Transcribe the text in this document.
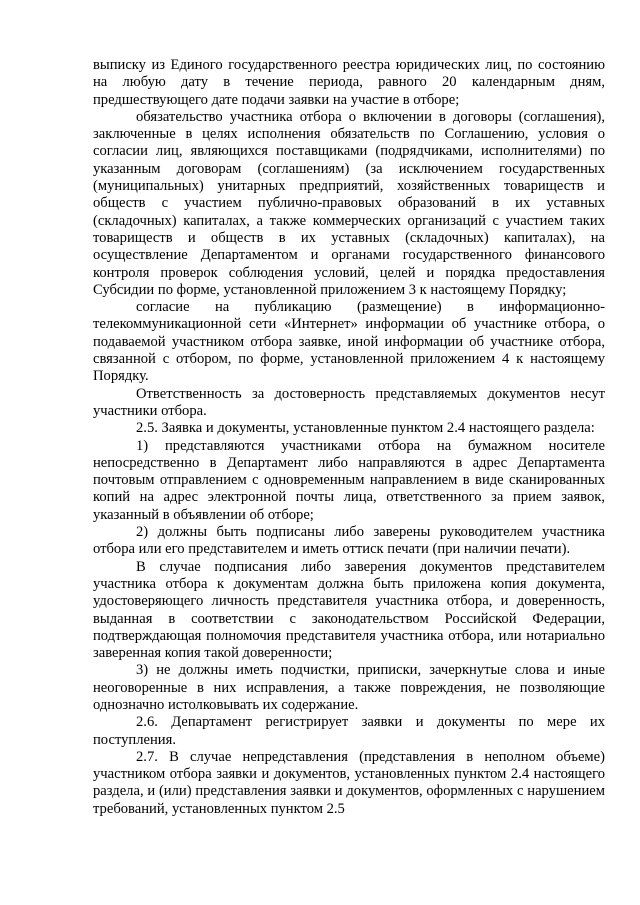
выписку из Единого государственного реестра юридических лиц, по состоянию на любую дату в течение периода, равного 20 календарным дням, предшествующего дате подачи заявки на участие в отборе;

обязательство участника отбора о включении в договоры (соглашения), заключенные в целях исполнения обязательств по Соглашению, условия о согласии лиц, являющихся поставщиками (подрядчиками, исполнителями) по указанным договорам (соглашениям) (за исключением государственных (муниципальных) унитарных предприятий, хозяйственных товариществ и обществ с участием публично-правовых образований в их уставных (складочных) капиталах, а также коммерческих организаций с участием таких товариществ и обществ в их уставных (складочных) капиталах), на осуществление Департаментом и органами государственного финансового контроля проверок соблюдения условий, целей и порядка предоставления Субсидии по форме, установленной приложением 3 к настоящему Порядку;

согласие на публикацию (размещение) в информационно-телекоммуникационной сети «Интернет» информации об участнике отбора, о подаваемой участником отбора заявке, иной информации об участнике отбора, связанной с отбором, по форме, установленной приложением 4 к настоящему Порядку.

Ответственность за достоверность представляемых документов несут участники отбора.

2.5. Заявка и документы, установленные пунктом 2.4 настоящего раздела:

1) представляются участниками отбора на бумажном носителе непосредственно в Департамент либо направляются в адрес Департамента почтовым отправлением с одновременным направлением в виде сканированных копий на адрес электронной почты лица, ответственного за прием заявок, указанный в объявлении об отборе;

2) должны быть подписаны либо заверены руководителем участника отбора или его представителем и иметь оттиск печати (при наличии печати).

В случае подписания либо заверения документов представителем участника отбора к документам должна быть приложена копия документа, удостоверяющего личность представителя участника отбора, и доверенность, выданная в соответствии с законодательством Российской Федерации, подтверждающая полномочия представителя участника отбора, или нотариально заверенная копия такой доверенности;

3) не должны иметь подчистки, приписки, зачеркнутые слова и иные неоговоренные в них исправления, а также повреждения, не позволяющие однозначно истолковывать их содержание.

2.6. Департамент регистрирует заявки и документы по мере их поступления.

2.7. В случае непредставления (представления в неполном объеме) участником отбора заявки и документов, установленных пунктом 2.4 настоящего раздела, и (или) представления заявки и документов, оформленных с нарушением требований, установленных пунктом 2.5
